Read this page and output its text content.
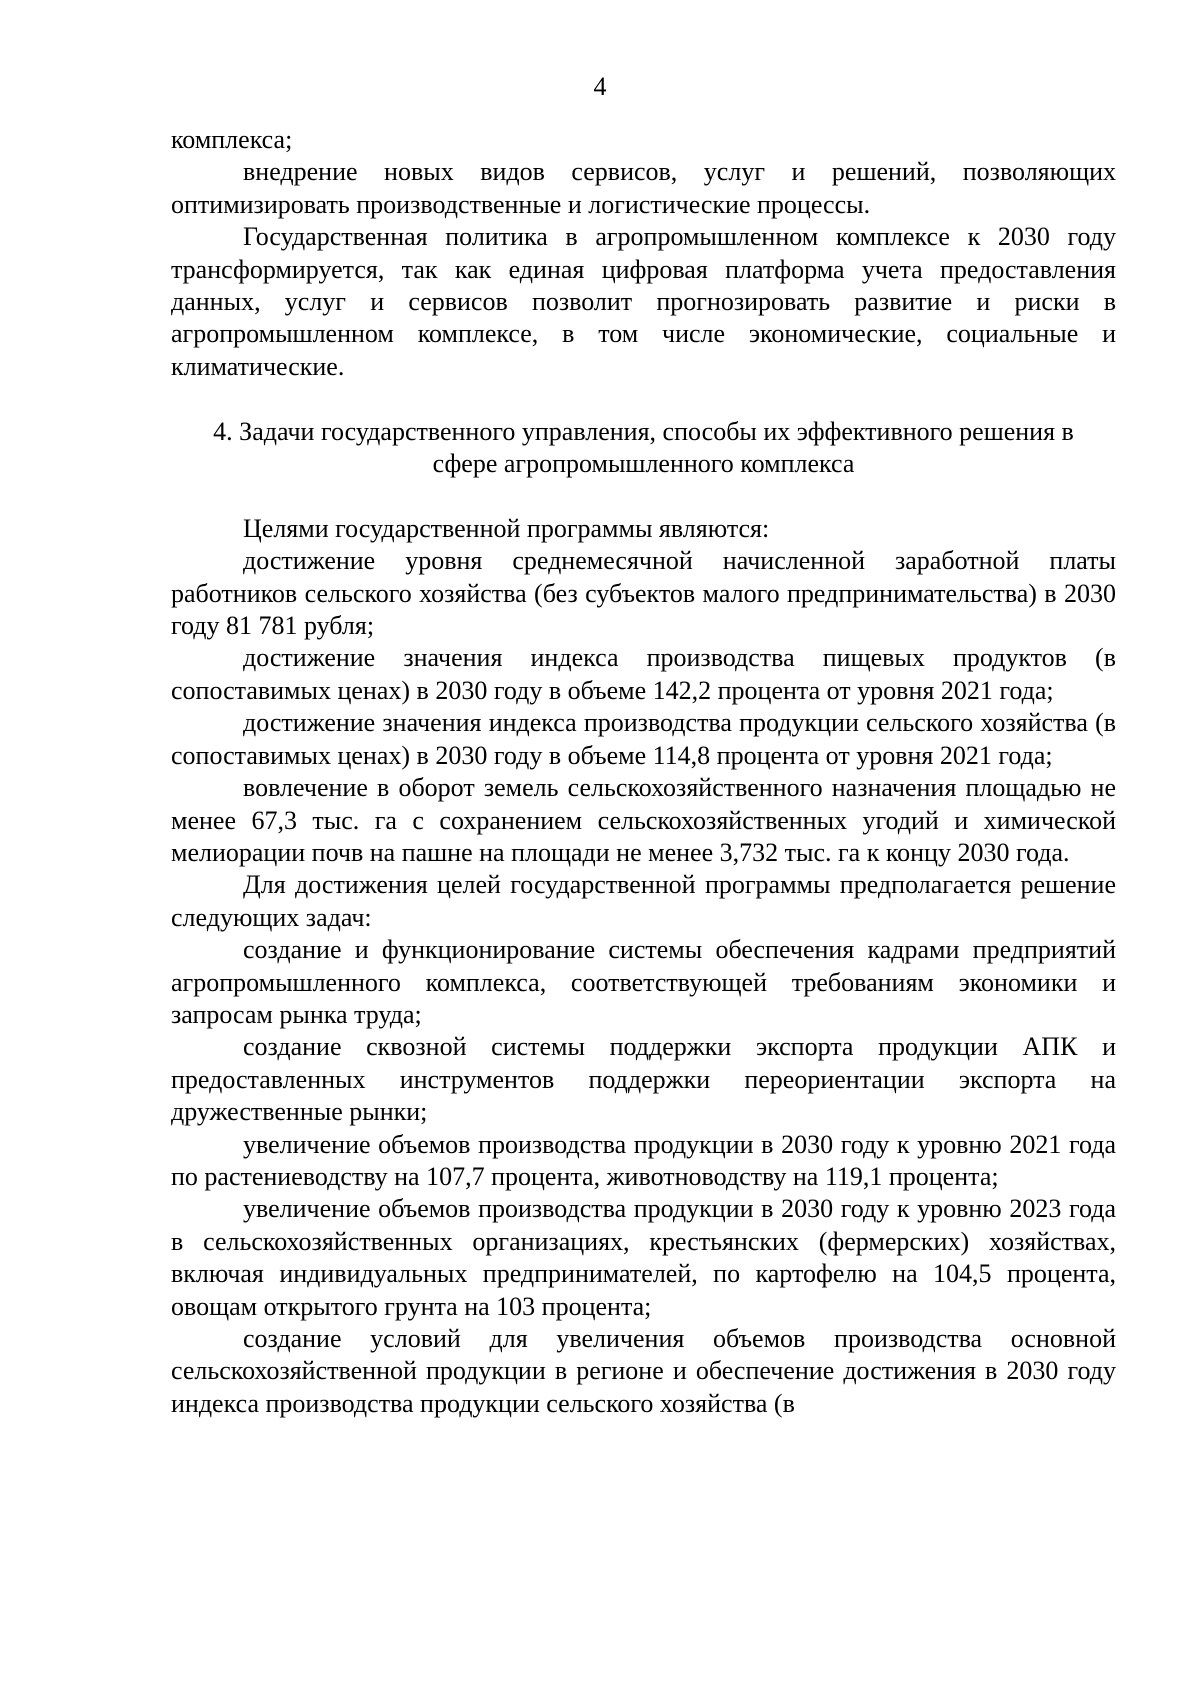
4

комплекса;

внедрение новых видов сервисов, услуг и решений, позволяющих оптимизировать производственные и логистические процессы.

Государственная политика в агропромышленном комплексе к 2030 году трансформируется, так как единая цифровая платформа учета предоставления данных, услуг и сервисов позволит прогнозировать развитие и риски в агропромышленном комплексе, в том числе экономические, социальные и климатические.

4. Задачи государственного управления, способы их эффективного решения в
сфере агропромышленного комплекса

Целями государственной программы являются:

достижение уровня среднемесячной начисленной заработной платы работников сельского хозяйства (без субъектов малого предпринимательства) в 2030 году 81 781 рубля;

достижение значения индекса производства пищевых продуктов (в сопоставимых ценах) в 2030 году в объеме 142,2 процента от уровня 2021 года;

достижение значения индекса производства продукции сельского хозяйства (в сопоставимых ценах) в 2030 году в объеме 114,8 процента от уровня 2021 года;

вовлечение в оборот земель сельскохозяйственного назначения площадью не менее 67,3 тыс. га с сохранением сельскохозяйственных угодий и химической мелиорации почв на пашне на площади не менее 3,732 тыс. га к концу 2030 года.

Для достижения целей государственной программы предполагается решение следующих задач:

создание и функционирование системы обеспечения кадрами предприятий агропромышленного комплекса, соответствующей требованиям экономики и запросам рынка труда;

создание сквозной системы поддержки экспорта продукции АПК и предоставленных инструментов поддержки переориентации экспорта на дружественные рынки;

увеличение объемов производства продукции в 2030 году к уровню 2021 года по растениеводству на 107,7 процента, животноводству на 119,1 процента;

увеличение объемов производства продукции в 2030 году к уровню 2023 года в сельскохозяйственных организациях, крестьянских (фермерских) хозяйствах, включая индивидуальных предпринимателей, по картофелю на 104,5 процента, овощам открытого грунта на 103 процента;

создание условий для увеличения объемов производства основной сельскохозяйственной продукции в регионе и обеспечение достижения в 2030 году индекса производства продукции сельского хозяйства (в
